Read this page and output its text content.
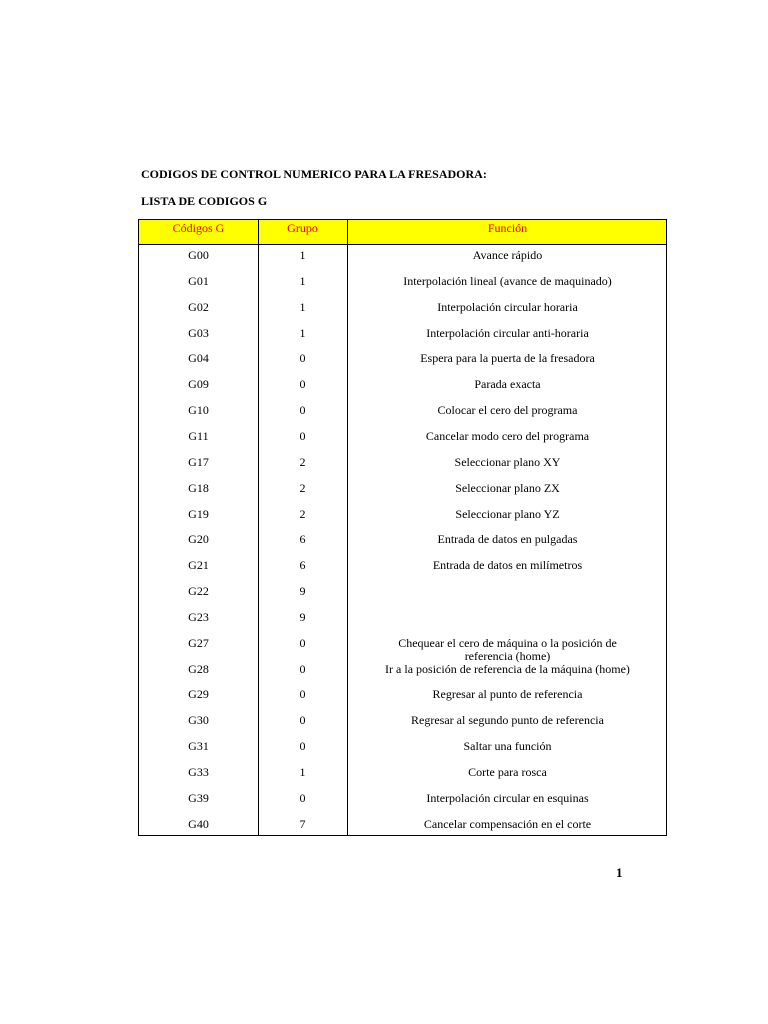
CODIGOS DE CONTROL NUMERICO PARA LA FRESADORA:
LISTA DE CODIGOS G
Códigos G	Grupo	Función
G00	1	Avance rápido
G01	1	Interpolación lineal (avance de maquinado)
G02	1	Interpolación circular horaria
G03	1	Interpolación circular anti-horaria
G04	0	Espera para la puerta de la fresadora
G09	0	Parada exacta
G10	0	Colocar el cero del programa
G11	0	Cancelar modo cero del programa
G17	2	Seleccionar plano XY
G18	2	Seleccionar plano ZX
G19	2	Seleccionar plano YZ
G20	6	Entrada de datos en pulgadas
G21	6	Entrada de datos en milímetros
G22	9
G23	9
G27	0	Chequear el cero de máquina o la posición de referencia (home)
G28	0	Ir a la posición de referencia de la máquina (home)
G29	0	Regresar al punto de referencia
G30	0	Regresar al segundo punto de referencia
G31	0	Saltar una función
G33	1	Corte para rosca
G39	0	Interpolación circular en esquinas
G40	7	Cancelar compensación en el corte
1
